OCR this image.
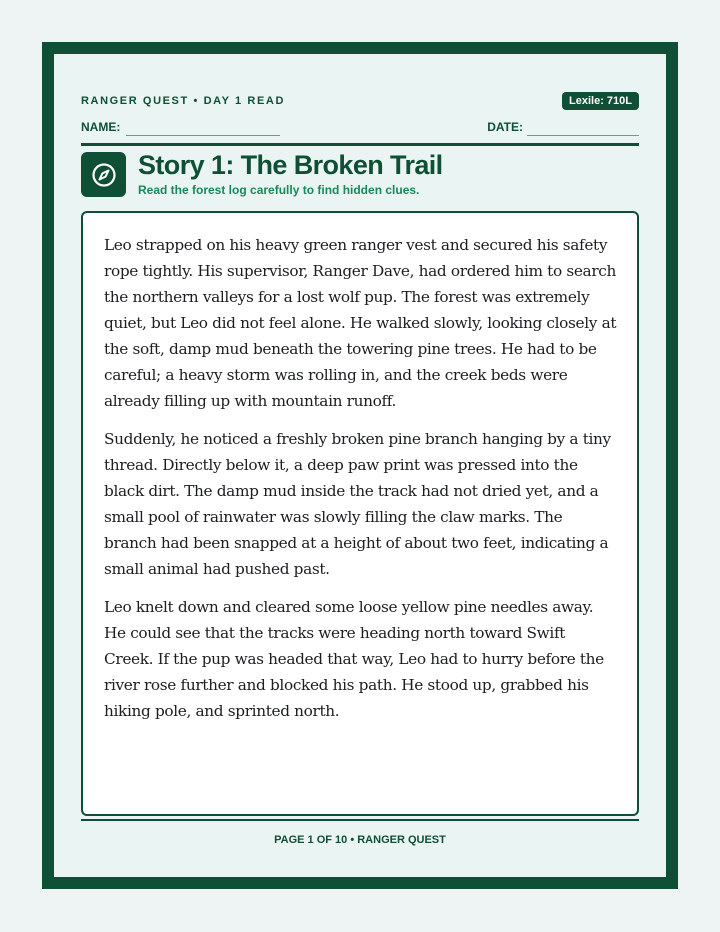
RANGER QUEST • DAY 1 READ	Lexile: 710L
NAME:	DATE:
Story 1: The Broken Trail
Read the forest log carefully to find hidden clues.

Leo strapped on his heavy green ranger vest and secured his safety rope tightly. His supervisor, Ranger Dave, had ordered him to search the northern valleys for a lost wolf pup. The forest was extremely quiet, but Leo did not feel alone. He walked slowly, looking closely at the soft, damp mud beneath the towering pine trees. He had to be careful; a heavy storm was rolling in, and the creek beds were already filling up with mountain runoff.

Suddenly, he noticed a freshly broken pine branch hanging by a tiny thread. Directly below it, a deep paw print was pressed into the black dirt. The damp mud inside the track had not dried yet, and a small pool of rainwater was slowly filling the claw marks. The branch had been snapped at a height of about two feet, indicating a small animal had pushed past.

Leo knelt down and cleared some loose yellow pine needles away. He could see that the tracks were heading north toward Swift Creek. If the pup was headed that way, Leo had to hurry before the river rose further and blocked his path. He stood up, grabbed his hiking pole, and sprinted north.

PAGE 1 OF 10 • RANGER QUEST
